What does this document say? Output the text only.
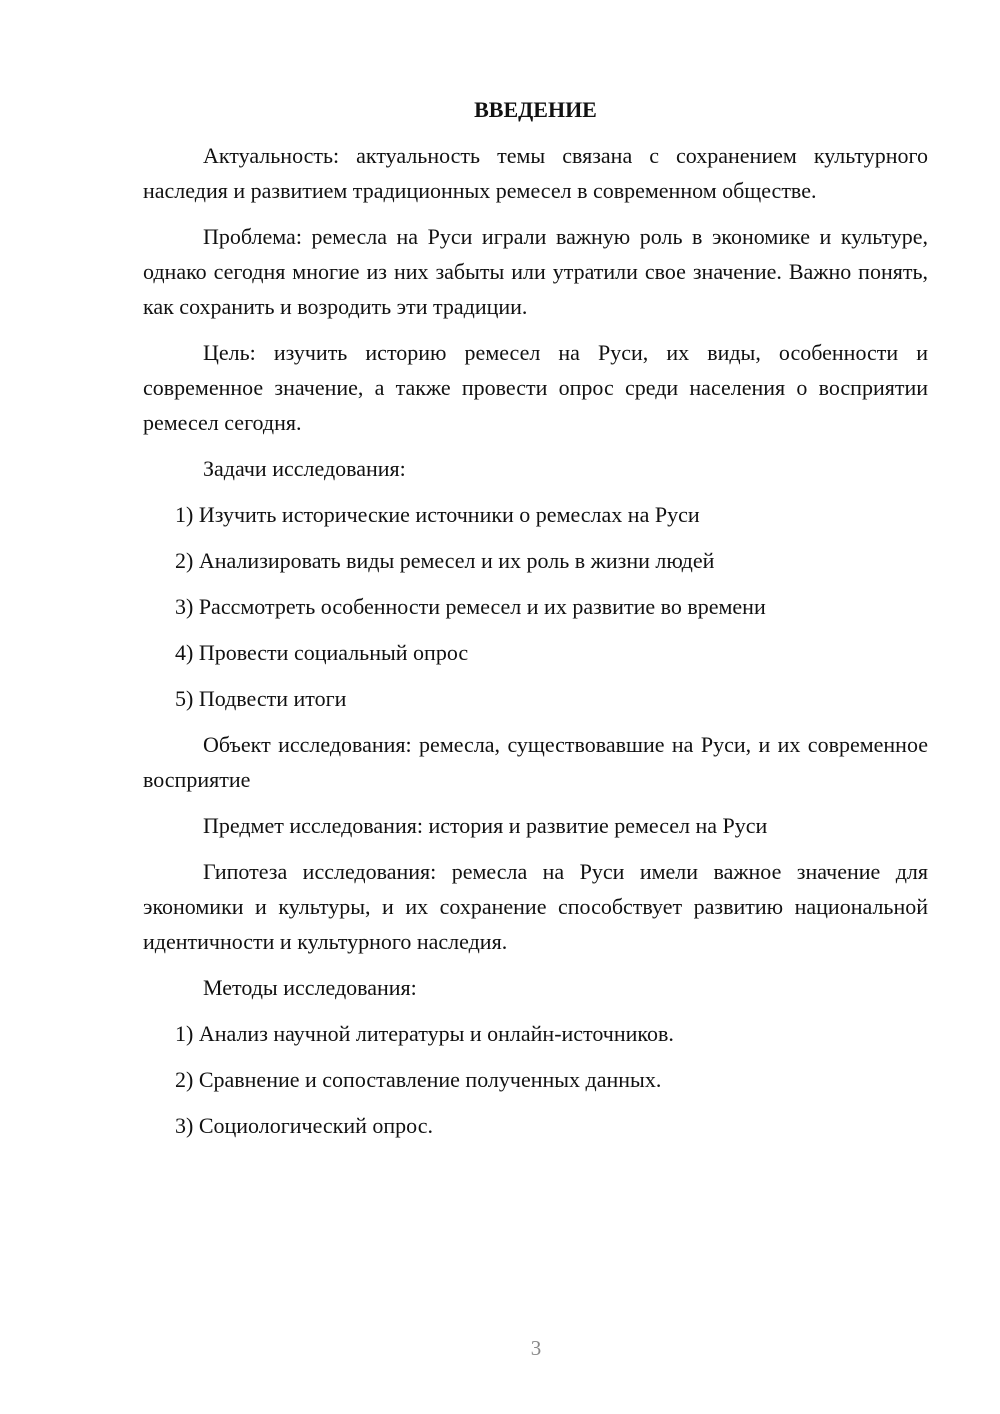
ВВЕДЕНИЕ

Актуальность: актуальность темы связана с сохранением культурного наследия и развитием традиционных ремесел в современном обществе.

Проблема: ремесла на Руси играли важную роль в экономике и культуре, однако сегодня многие из них забыты или утратили свое значение. Важно понять, как сохранить и возродить эти традиции.

Цель: изучить историю ремесел на Руси, их виды, особенности и современное значение, а также провести опрос среди населения о восприятии ремесел сегодня.

Задачи исследования:

1) Изучить исторические источники о ремеслах на Руси

2) Анализировать виды ремесел и их роль в жизни людей

3) Рассмотреть особенности ремесел и их развитие во времени

4) Провести социальный опрос

5) Подвести итоги

Объект исследования: ремесла, существовавшие на Руси, и их современное восприятие

Предмет исследования: история и развитие ремесел на Руси

Гипотеза исследования: ремесла на Руси имели важное значение для экономики и культуры, и их сохранение способствует развитию национальной идентичности и культурного наследия.

Методы исследования:

1) Анализ научной литературы и онлайн-источников.

2) Сравнение и сопоставление полученных данных.

3) Социологический опрос.

3
